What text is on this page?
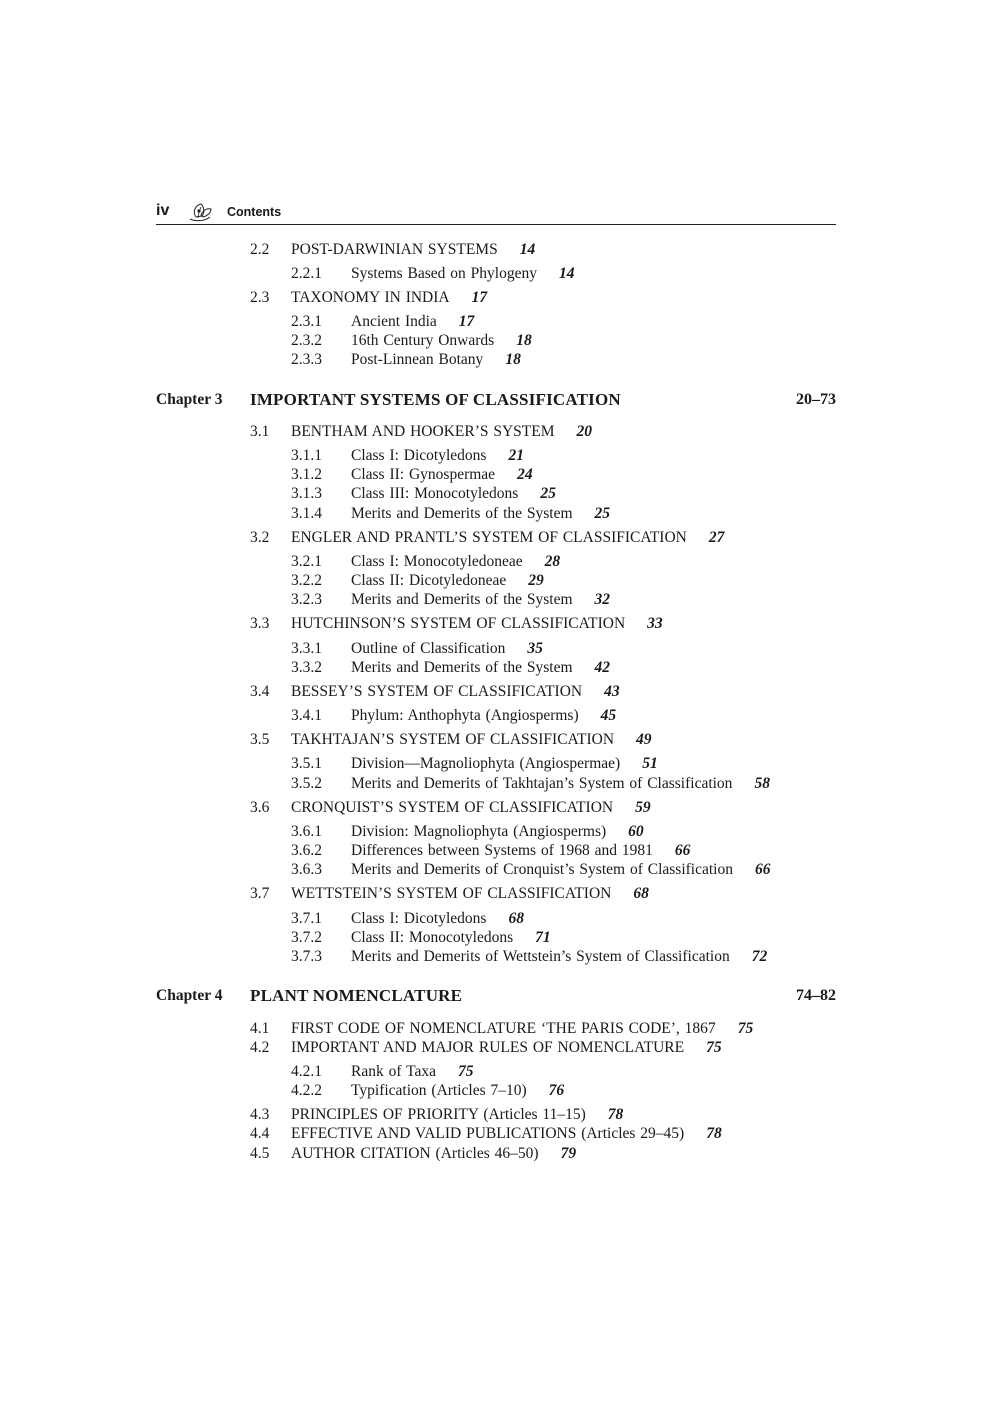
iv	Contents
2.2 POST-DARWINIAN SYSTEMS 14
2.2.1 Systems Based on Phylogeny 14
2.3 TAXONOMY IN INDIA 17
2.3.1 Ancient India 17
2.3.2 16th Century Onwards 18
2.3.3 Post-Linnean Botany 18
Chapter 3 IMPORTANT SYSTEMS OF CLASSIFICATION	20–73
3.1 BENTHAM AND HOOKER’S SYSTEM 20
3.1.1 Class I: Dicotyledons 21
3.1.2 Class II: Gynospermae 24
3.1.3 Class III: Monocotyledons 25
3.1.4 Merits and Demerits of the System 25
3.2 ENGLER AND PRANTL’S SYSTEM OF CLASSIFICATION 27
3.2.1 Class I: Monocotyledoneae 28
3.2.2 Class II: Dicotyledoneae 29
3.2.3 Merits and Demerits of the System 32
3.3 HUTCHINSON’S SYSTEM OF CLASSIFICATION 33
3.3.1 Outline of Classification 35
3.3.2 Merits and Demerits of the System 42
3.4 BESSEY’S SYSTEM OF CLASSIFICATION 43
3.4.1 Phylum: Anthophyta (Angiosperms) 45
3.5 TAKHTAJAN’S SYSTEM OF CLASSIFICATION 49
3.5.1 Division—Magnoliophyta (Angiospermae) 51
3.5.2 Merits and Demerits of Takhtajan’s System of Classification 58
3.6 CRONQUIST’S SYSTEM OF CLASSIFICATION 59
3.6.1 Division: Magnoliophyta (Angiosperms) 60
3.6.2 Differences between Systems of 1968 and 1981 66
3.6.3 Merits and Demerits of Cronquist’s System of Classification 66
3.7 WETTSTEIN’S SYSTEM OF CLASSIFICATION 68
3.7.1 Class I: Dicotyledons 68
3.7.2 Class II: Monocotyledons 71
3.7.3 Merits and Demerits of Wettstein’s System of Classification 72
Chapter 4 PLANT NOMENCLATURE	74–82
4.1 FIRST CODE OF NOMENCLATURE ‘THE PARIS CODE’, 1867 75
4.2 IMPORTANT AND MAJOR RULES OF NOMENCLATURE 75
4.2.1 Rank of Taxa 75
4.2.2 Typification (Articles 7–10) 76
4.3 PRINCIPLES OF PRIORITY (Articles 11–15) 78
4.4 EFFECTIVE AND VALID PUBLICATIONS (Articles 29–45) 78
4.5 AUTHOR CITATION (Articles 46–50) 79
